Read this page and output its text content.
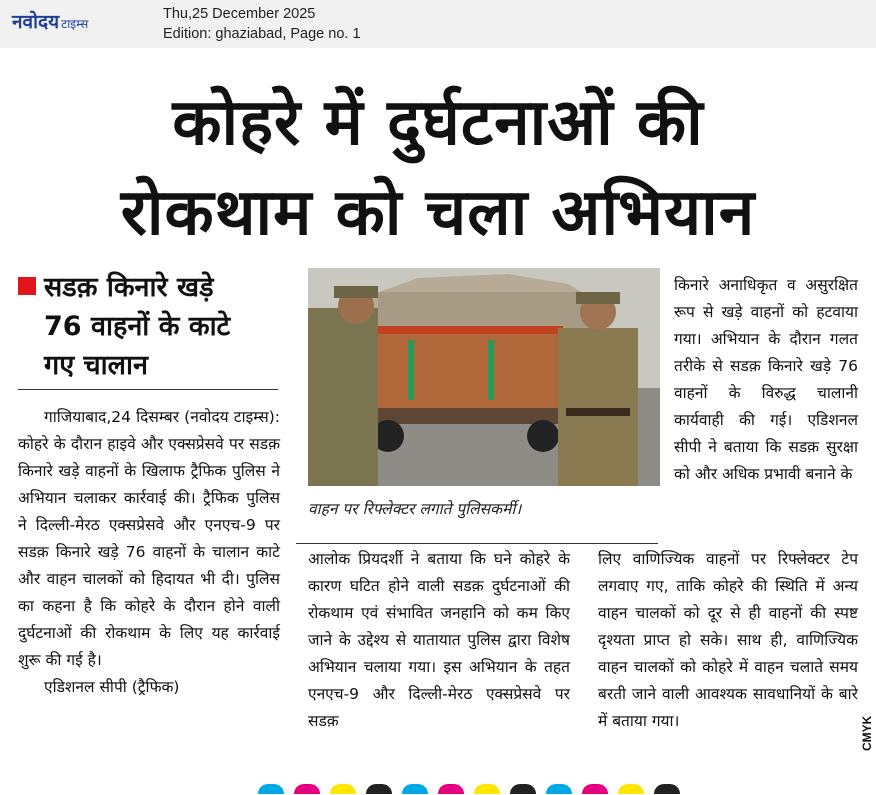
नवोदय टाइम्स
Thu,25 December 2025
Edition: ghaziabad, Page no. 1
कोहरे में दुर्घटनाओं की
रोकथाम को चला अभियान
सडक़ किनारे खड़े
76 वाहनों के काटे
गए चालान

गाजियाबाद,24 दिसम्बर (नवोदय टाइम्स): कोहरे के दौरान हाइवे और एक्सप्रेसवे पर सडक़ किनारे खड़े वाहनों के खिलाफ ट्रैफिक पुलिस ने अभियान चलाकर कार्रवाई की। ट्रैफिक पुलिस ने दिल्ली-मेरठ एक्सप्रेसवे और एनएच-9 पर सडक़ किनारे खड़े 76 वाहनों के चालान काटे और वाहन चालकों को हिदायत भी दी। पुलिस का कहना है कि कोहरे के दौरान होने वाली दुर्घटनाओं की रोकथाम के लिए यह कार्रवाई शुरू की गई है।

एडिशनल सीपी (ट्रैफिक)

वाहन पर रिफ्लेक्टर लगाते पुलिसकर्मी।

आलोक प्रियदर्शी ने बताया कि घने कोहरे के कारण घटित होने वाली सडक़ दुर्घटनाओं की रोकथाम एवं संभावित जनहानि को कम किए जाने के उद्देश्य से यातायात पुलिस द्वारा विशेष अभियान चलाया गया। इस अभियान के तहत एनएच-9 और दिल्ली-मेरठ एक्सप्रेसवे पर सडक़

किनारे अनाधिकृत व असुरक्षित रूप से खड़े वाहनों को हटवाया गया। अभियान के दौरान गलत तरीके से सडक़ किनारे खड़े 76 वाहनों के विरुद्ध चालानी कार्यवाही की गई। एडिशनल सीपी ने बताया कि सडक़ सुरक्षा को और अधिक प्रभावी बनाने के

लिए वाणिज्यिक वाहनों पर रिफ्लेक्टर टेप लगवाए गए, ताकि कोहरे की स्थिति में अन्य वाहन चालकों को दूर से ही वाहनों की स्पष्ट दृश्यता प्राप्त हो सके। साथ ही, वाणिज्यिक वाहन चालकों को कोहरे में वाहन चलाते समय बरती जाने वाली आवश्यक सावधानियों के बारे में बताया गया।	CMYK
